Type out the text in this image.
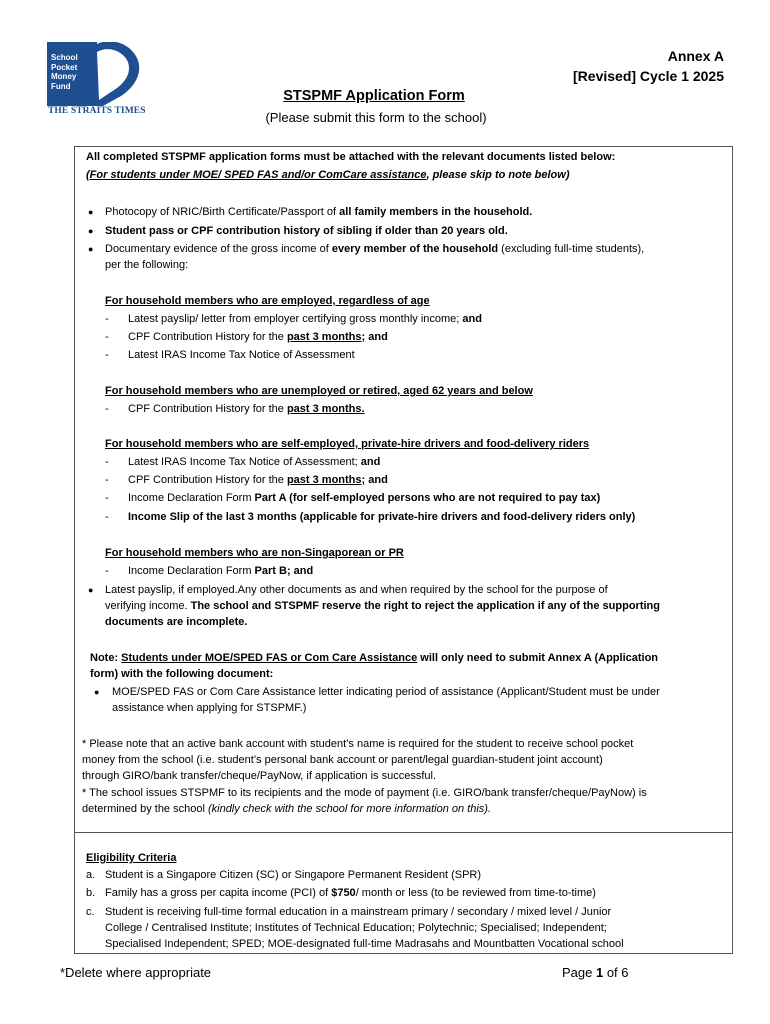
School
Pocket
Money
Fund
THE STRAITS TIMES
Annex A
[Revised] Cycle 1 2025
STSPMF Application Form
(Please submit this form to the school)
All completed STSPMF application forms must be attached with the relevant documents listed below:
(For students under MOE/ SPED FAS and/or ComCare assistance, please skip to note below)
● Photocopy of NRIC/Birth Certificate/Passport of all family members in the household.
● Student pass or CPF contribution history of sibling if older than 20 years old.
● Documentary evidence of the gross income of every member of the household (excluding full-time students),
per the following:
For household members who are employed, regardless of age
- Latest payslip/ letter from employer certifying gross monthly income; and
- CPF Contribution History for the past 3 months; and
- Latest IRAS Income Tax Notice of Assessment
For household members who are unemployed or retired, aged 62 years and below
- CPF Contribution History for the past 3 months.
For household members who are self-employed, private-hire drivers and food-delivery riders
- Latest IRAS Income Tax Notice of Assessment; and
- CPF Contribution History for the past 3 months; and
- Income Declaration Form Part A (for self-employed persons who are not required to pay tax)
- Income Slip of the last 3 months (applicable for private-hire drivers and food-delivery riders only)
For household members who are non-Singaporean or PR
- Income Declaration Form Part B; and
● Latest payslip, if employed.Any other documents as and when required by the school for the purpose of
verifying income. The school and STSPMF reserve the right to reject the application if any of the supporting
documents are incomplete.
Note: Students under MOE/SPED FAS or Com Care Assistance will only need to submit Annex A (Application
form) with the following document:
● MOE/SPED FAS or Com Care Assistance letter indicating period of assistance (Applicant/Student must be under
assistance when applying for STSPMF.)
* Please note that an active bank account with student’s name is required for the student to receive school pocket
money from the school (i.e. student’s personal bank account or parent/legal guardian-student joint account)
through GIRO/bank transfer/cheque/PayNow, if application is successful.
* The school issues STSPMF to its recipients and the mode of payment (i.e. GIRO/bank transfer/cheque/PayNow) is
determined by the school (kindly check with the school for more information on this).
Eligibility Criteria
a. Student is a Singapore Citizen (SC) or Singapore Permanent Resident (SPR)
b. Family has a gross per capita income (PCI) of $750/ month or less (to be reviewed from time-to-time)
c. Student is receiving full-time formal education in a mainstream primary / secondary / mixed level / Junior
College / Centralised Institute; Institutes of Technical Education; Polytechnic; Specialised; Independent;
Specialised Independent; SPED; MOE-designated full-time Madrasahs and Mountbatten Vocational school
*Delete where appropriate	Page 1 of 6
